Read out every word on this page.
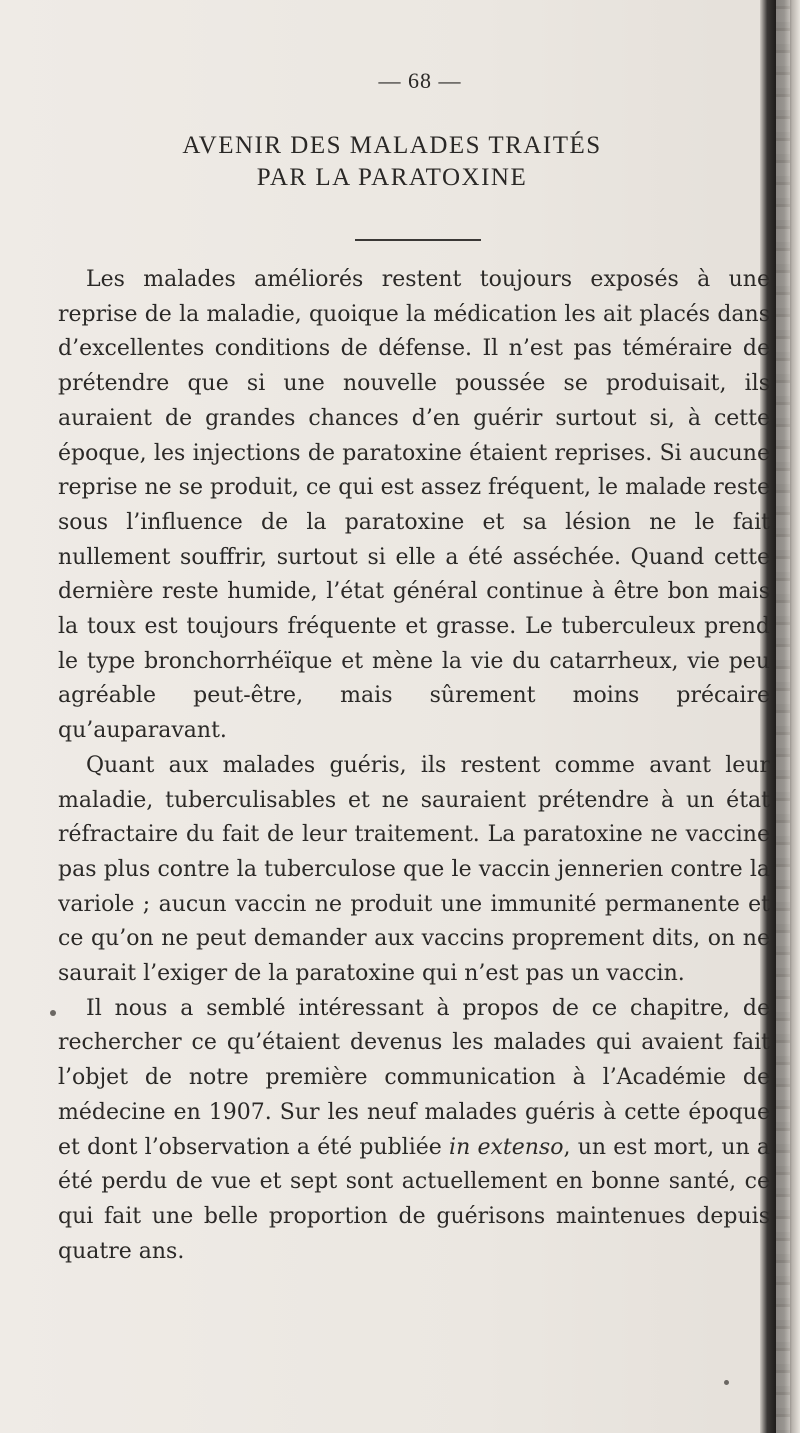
— 68 —
AVENIR DES MALADES TRAITÉS
PAR LA PARATOXINE

Les malades améliorés restent toujours exposés à une reprise de la maladie, quoique la médication les ait placés dans d’excellentes conditions de défense. Il n’est pas téméraire de prétendre que si une nouvelle poussée se produisait, ils auraient de grandes chances d’en guérir surtout si, à cette époque, les injections de paratoxine étaient reprises. Si aucune reprise ne se produit, ce qui est assez fréquent, le malade reste sous l’influence de la paratoxine et sa lésion ne le fait nullement souffrir, surtout si elle a été asséchée. Quand cette dernière reste humide, l’état général continue à être bon mais la toux est toujours fréquente et grasse. Le tuberculeux prend le type bronchorrhéïque et mène la vie du catarrheux, vie peu agréable peut-être, mais sûrement moins précaire qu’auparavant.

Quant aux malades guéris, ils restent comme avant leur maladie, tuberculisables et ne sauraient prétendre à un état réfractaire du fait de leur traitement. La paratoxine ne vaccine pas plus contre la tuberculose que le vaccin jennerien contre la variole ; aucun vaccin ne produit une immunité permanente et ce qu’on ne peut demander aux vaccins proprement dits, on ne saurait l’exiger de la paratoxine qui n’est pas un vaccin.

Il nous a semblé intéressant à propos de ce chapitre, de rechercher ce qu’étaient devenus les malades qui avaient fait l’objet de notre première communication à l’Académie de médecine en 1907. Sur les neuf malades guéris à cette époque et dont l’observation a été publiée in extenso, un est mort, un a été perdu de vue et sept sont actuellement en bonne santé, ce qui fait une belle proportion de guérisons maintenues depuis quatre ans.
